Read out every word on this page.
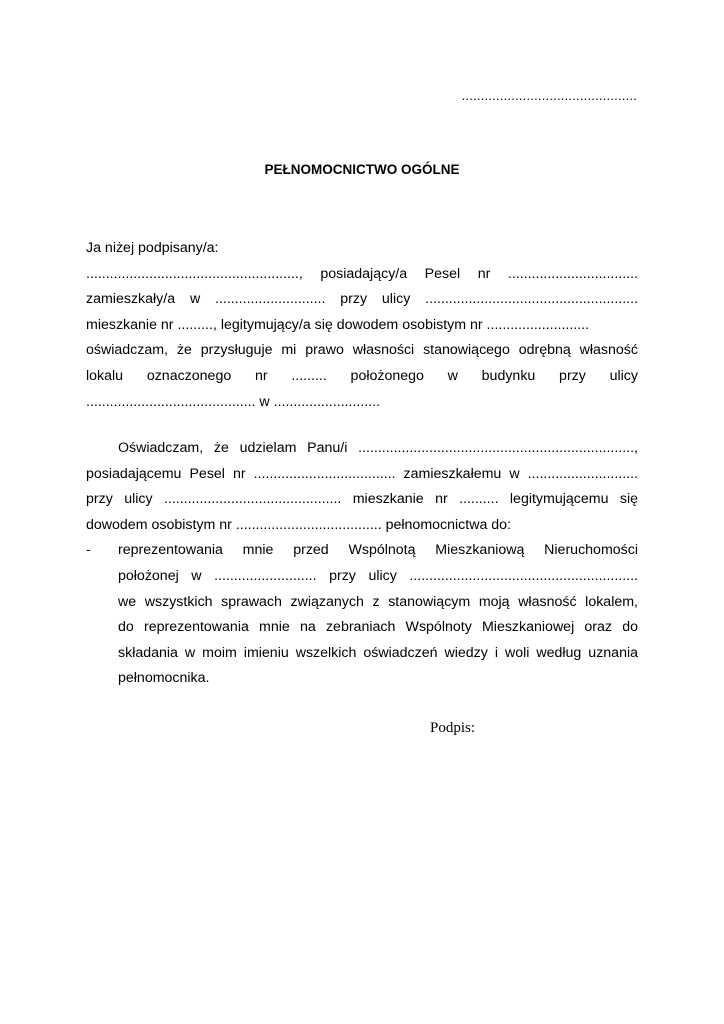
..............................................

PEŁNOMOCNICTWO OGÓLNE

Ja niżej podpisany/a:

......................................................, posiadający/a Pesel nr .................................

zamieszkały/a w ............................ przy ulicy ......................................................

mieszkanie nr ........., legitymujący/a się dowodem osobistym nr ..........................

oświadczam, że przysługuje mi prawo własności stanowiącego odrębną własność

lokalu oznaczonego nr ......... położonego w budynku przy ulicy

........................................... w ...........................

Oświadczam, że udzielam Panu/i ......................................................................,

posiadającemu Pesel nr .................................... zamieszkałemu w ............................

przy ulicy ............................................. mieszkanie nr .......... legitymującemu się

dowodem osobistym nr ..................................... pełnomocnictwa do:

-	reprezentowania mnie przed Wspólnotą Mieszkaniową Nieruchomości

położonej w .......................... przy ulicy ..........................................................

we wszystkich sprawach związanych z stanowiącym moją własność lokalem,

do reprezentowania mnie na zebraniach Wspólnoty Mieszkaniowej oraz do

składania w moim imieniu wszelkich oświadczeń wiedzy i woli według uznania

pełnomocnika.

Podpis:
